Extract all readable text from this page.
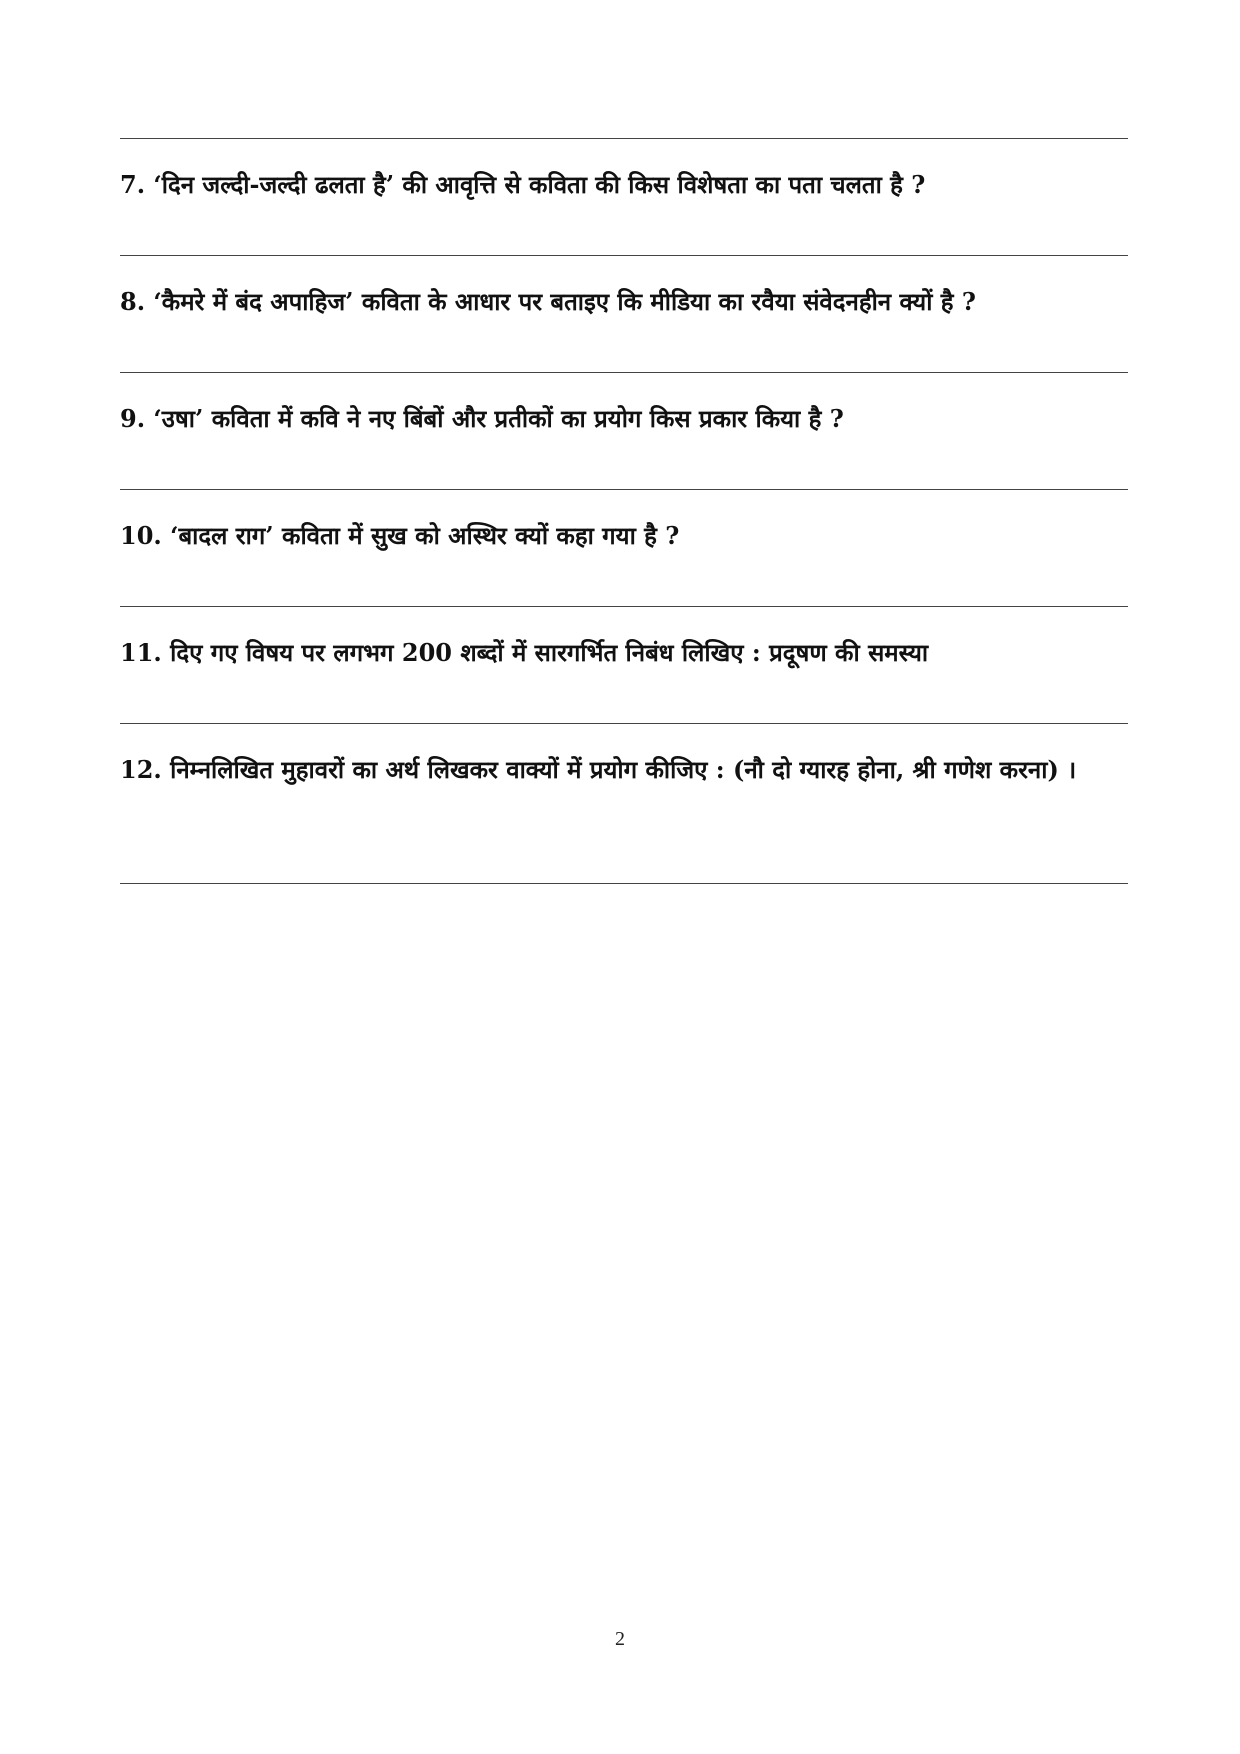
7. ‘दिन जल्दी-जल्दी ढलता है’ की आवृत्ति से कविता की किस विशेषता का पता चलता है ?
8. ‘कैमरे में बंद अपाहिज’ कविता के आधार पर बताइए कि मीडिया का रवैया संवेदनहीन क्यों है ?
9. ‘उषा’ कविता में कवि ने नए बिंबों और प्रतीकों का प्रयोग किस प्रकार किया है ?
10. ‘बादल राग’ कविता में सुख को अस्थिर क्यों कहा गया है ?
11. दिए गए विषय पर लगभग 200 शब्दों में सारगर्भित निबंध लिखिए : प्रदूषण की समस्या
12. निम्नलिखित मुहावरों का अर्थ लिखकर वाक्यों में प्रयोग कीजिए : (नौ दो ग्यारह होना, श्री गणेश करना) ।
2
